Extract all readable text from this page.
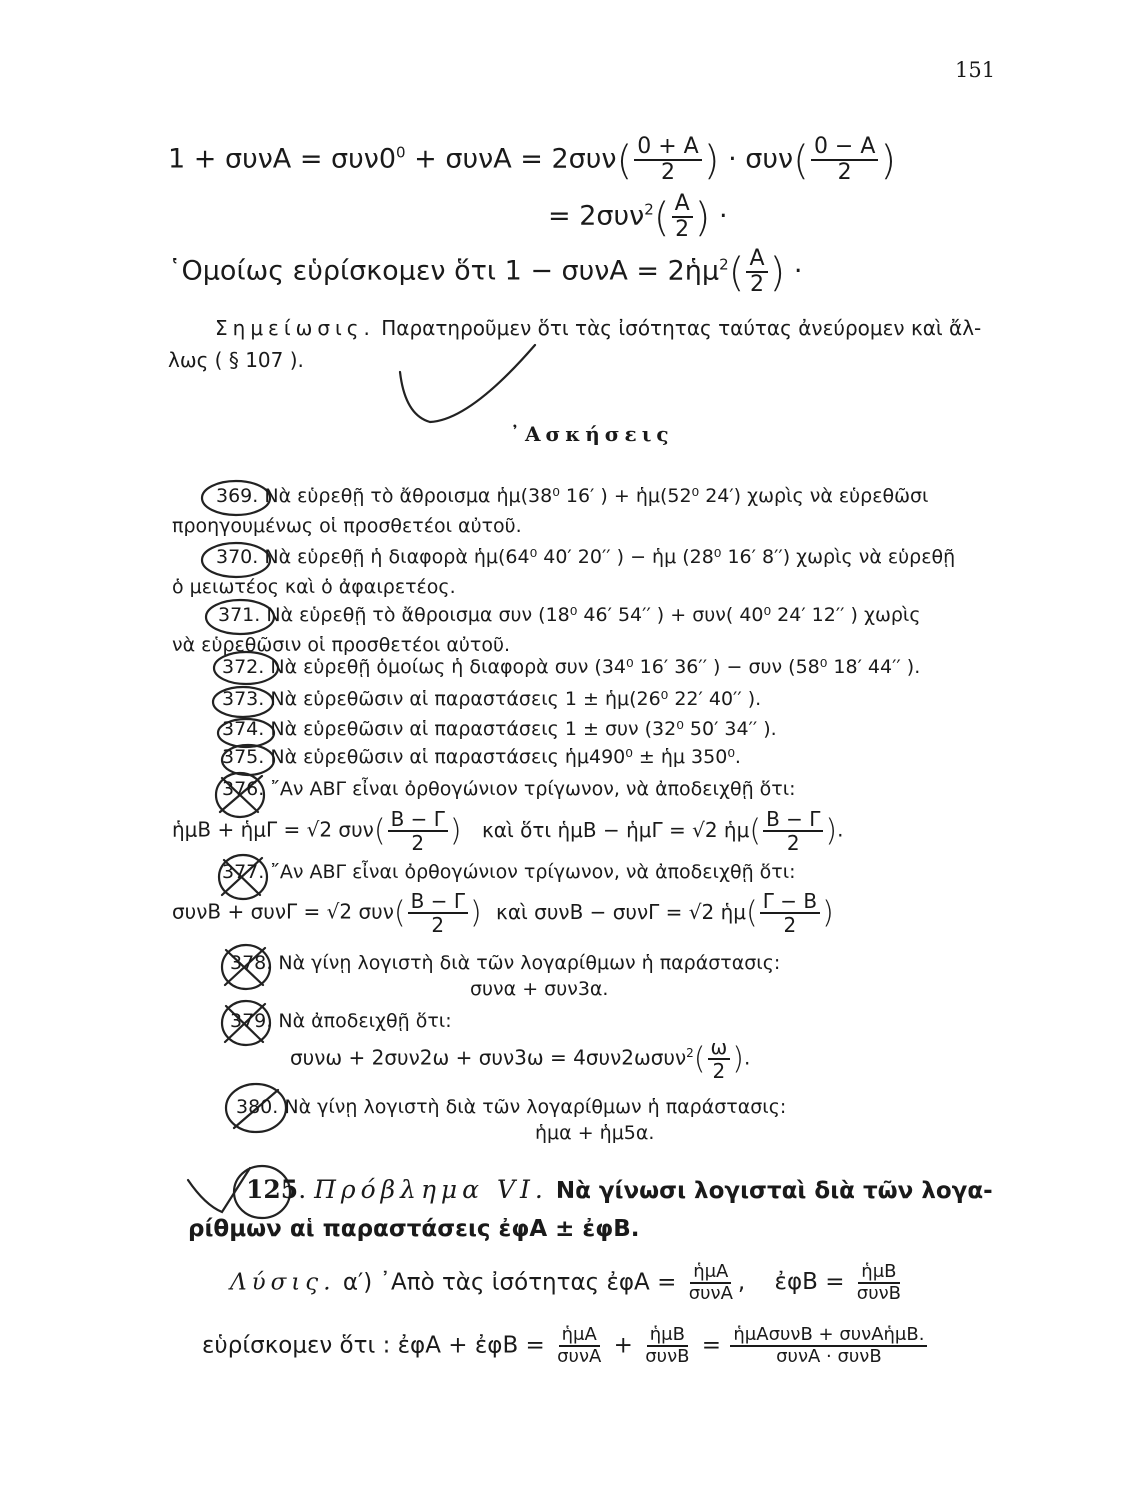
151
$1 + \sigma\upsilon\nu A = \sigma\upsilon\nu 0^0 + \sigma\upsilon\nu A = 2\sigma\upsilon\nu( \frac{0 + A}{2}$ ) · $\sigma\upsilon\nu( \frac{0 - A}{2}$ )
= $2\sigma\upsilon\nu^2( \frac{A}{2}$ ) ·
῾Ομοίως εὑρίσκομεν ὅτι 1 − συνA = 2ἡμ$^2$( $\frac{A}{2}$ ) ·
Σημείωσις. Παρατηροῦμεν ὅτι τὰς ἰσότητας ταύτας ἀνεύρομεν καὶ ἄλ-
λως ( § 107 ).
᾽Ασκήσεις
369. Νὰ εὑρεθῇ τὸ ἄθροισμα ἡμ(38⁰ 16′ ) + ἡμ(52⁰ 24′) χωρὶς νὰ εὑρεθῶσι
προηγουμένως οἱ προσθετέοι αὐτοῦ.
370. Νὰ εὑρεθῇ ἡ διαφορὰ ἡμ(64⁰ 40′ 20′′ ) − ἡμ (28⁰ 16′ 8′′) χωρὶς νὰ εὑρεθῇ
ὁ μειωτέος καὶ ὁ ἀφαιρετέος.
371. Νὰ εὑρεθῇ τὸ ἄθροισμα συν (18⁰ 46′ 54′′ ) + συν( 40⁰ 24′ 12′′ ) χωρὶς
νὰ εὑρεθῶσιν οἱ προσθετέοι αὐτοῦ.
372. Νὰ εὑρεθῇ ὁμοίως ἡ διαφορὰ συν (34⁰ 16′ 36′′ ) − συν (58⁰ 18′ 44′′ ).
373. Νὰ εὑρεθῶσιν αἱ παραστάσεις 1 ± ἡμ(26⁰ 22′ 40′′ ).
374. Νὰ εὑρεθῶσιν αἱ παραστάσεις 1 ± συν (32⁰ 50′ 34′′ ).
375. Νὰ εὑρεθῶσιν αἱ παραστάσεις ἡμ490⁰ ± ἡμ 350⁰.
376. ῎Αν ΑΒΓ εἶναι ὀρθογώνιον τρίγωνον, νὰ ἀποδειχθῇ ὅτι:
ἡμB + ἡμΓ = √2 $\sigma\upsilon\nu( \frac{B - \Gamma}{2}$ ) καὶ ὅτι ἡμB − ἡμΓ = √2 ἡμ( $\frac{B - \Gamma}{2}$ ).
377. ῎Αν ΑΒΓ εἶναι ὀρθογώνιον τρίγωνον, νὰ ἀποδειχθῇ ὅτι:
συνB + συνΓ = √2 $\sigma\upsilon\nu( \frac{B - \Gamma}{2}$ ) καὶ συνB − συνΓ = √2 ἡμ( $\frac{\Gamma - B}{2}$ )
378. Νὰ γίνῃ λογιστὴ διὰ τῶν λογαρίθμων ἡ παράστασις:
συνα + συν3α.
379. Νὰ ἀποδειχθῇ ὅτι:
$\sigma\upsilon\nu\omega + 2\sigma\upsilon\nu 2\omega + \sigma\upsilon\nu 3\omega = 4\sigma\upsilon\nu 2\omega\sigma\upsilon\nu^2( \frac{\omega}{2}$ ).
380. Νὰ γίνῃ λογιστὴ διὰ τῶν λογαρίθμων ἡ παράστασις:
ἡμα + ἡμ5α.
125. Πρόβλημα VI. Νὰ γίνωσι λογισταὶ διὰ τῶν λογα-
ρίθμων αἱ παραστάσεις ἐφA ± ἐφB.
Λύσις. α′) ᾽Απὸ τὰς ἰσότητας ἐφA = $\frac{\text{ἡμA}}{\text{συνA}}$ , ἐφB = $\frac{\text{ἡμB}}{\text{συνB}}$
εὑρίσκομεν ὅτι : ἐφA + ἐφB = $\frac{\text{ἡμA}}{\text{συνA}} + \frac{\text{ἡμB}}{\text{συνB}} = \frac{\text{ἡμAσυνB + συνAἡμB.}}{\text{συνA · συνB}}$
